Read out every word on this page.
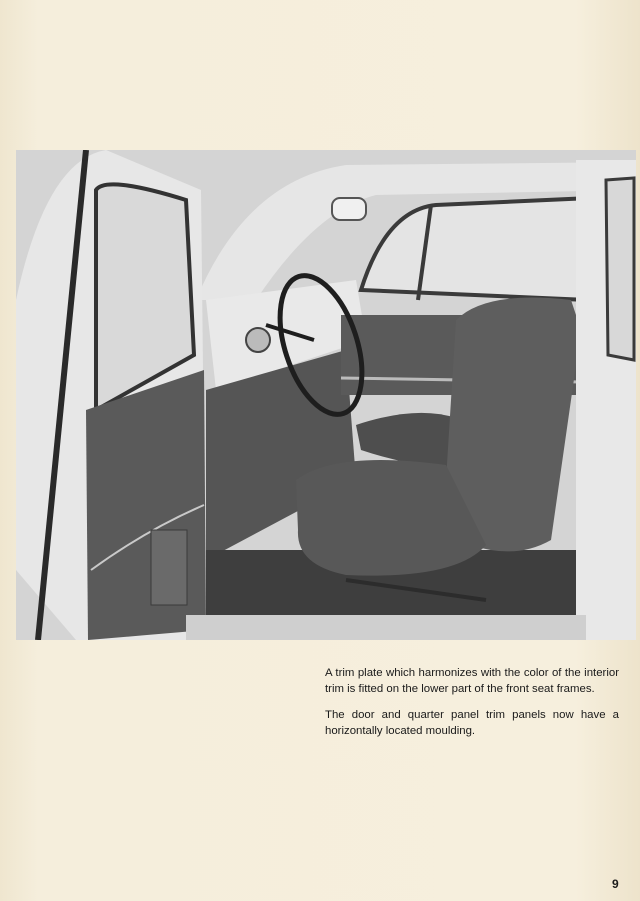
A trim plate which harmonizes with the color of the interior trim is fitted on the lower part of the front seat frames.

The door and quarter panel trim panels now have a horizontally located moulding.

9
